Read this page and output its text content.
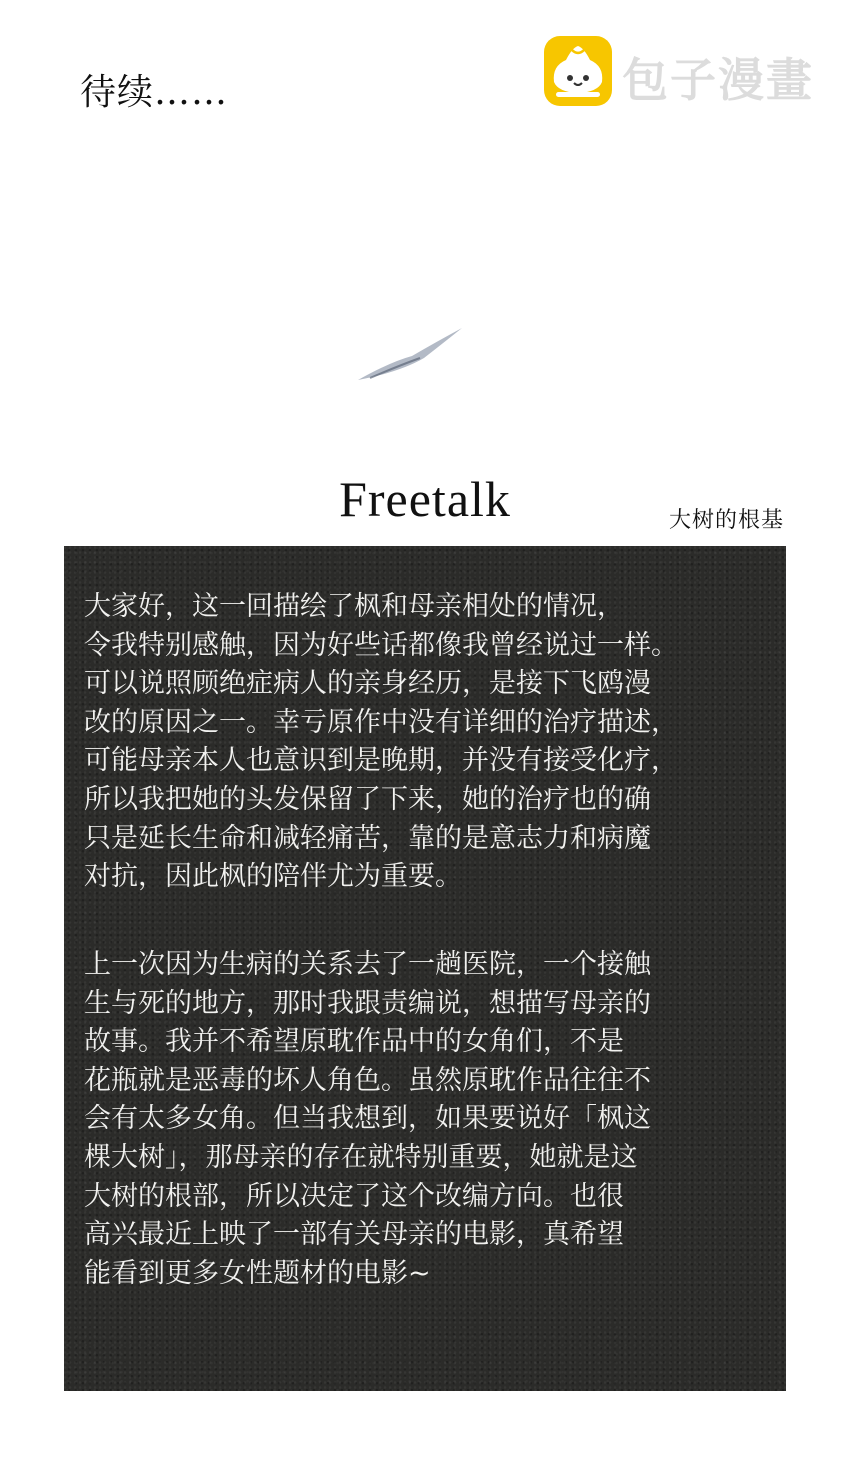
待续……	包子漫畫
Freetalk	大树的根基

大家好，这一回描绘了枫和母亲相处的情况，
令我特别感触，因为好些话都像我曾经说过一样。
可以说照顾绝症病人的亲身经历，是接下飞鸥漫
改的原因之一。幸亏原作中没有详细的治疗描述，
可能母亲本人也意识到是晚期，并没有接受化疗，
所以我把她的头发保留了下来，她的治疗也的确
只是延长生命和减轻痛苦，靠的是意志力和病魔
对抗，因此枫的陪伴尤为重要。

上一次因为生病的关系去了一趟医院，一个接触
生与死的地方，那时我跟责编说，想描写母亲的
故事。我并不希望原耽作品中的女角们，不是
花瓶就是恶毒的坏人角色。虽然原耽作品往往不
会有太多女角。但当我想到，如果要说好「枫这
棵大树」，那母亲的存在就特别重要，她就是这
大树的根部，所以决定了这个改编方向。也很
高兴最近上映了一部有关母亲的电影，真希望
能看到更多女性题材的电影~
